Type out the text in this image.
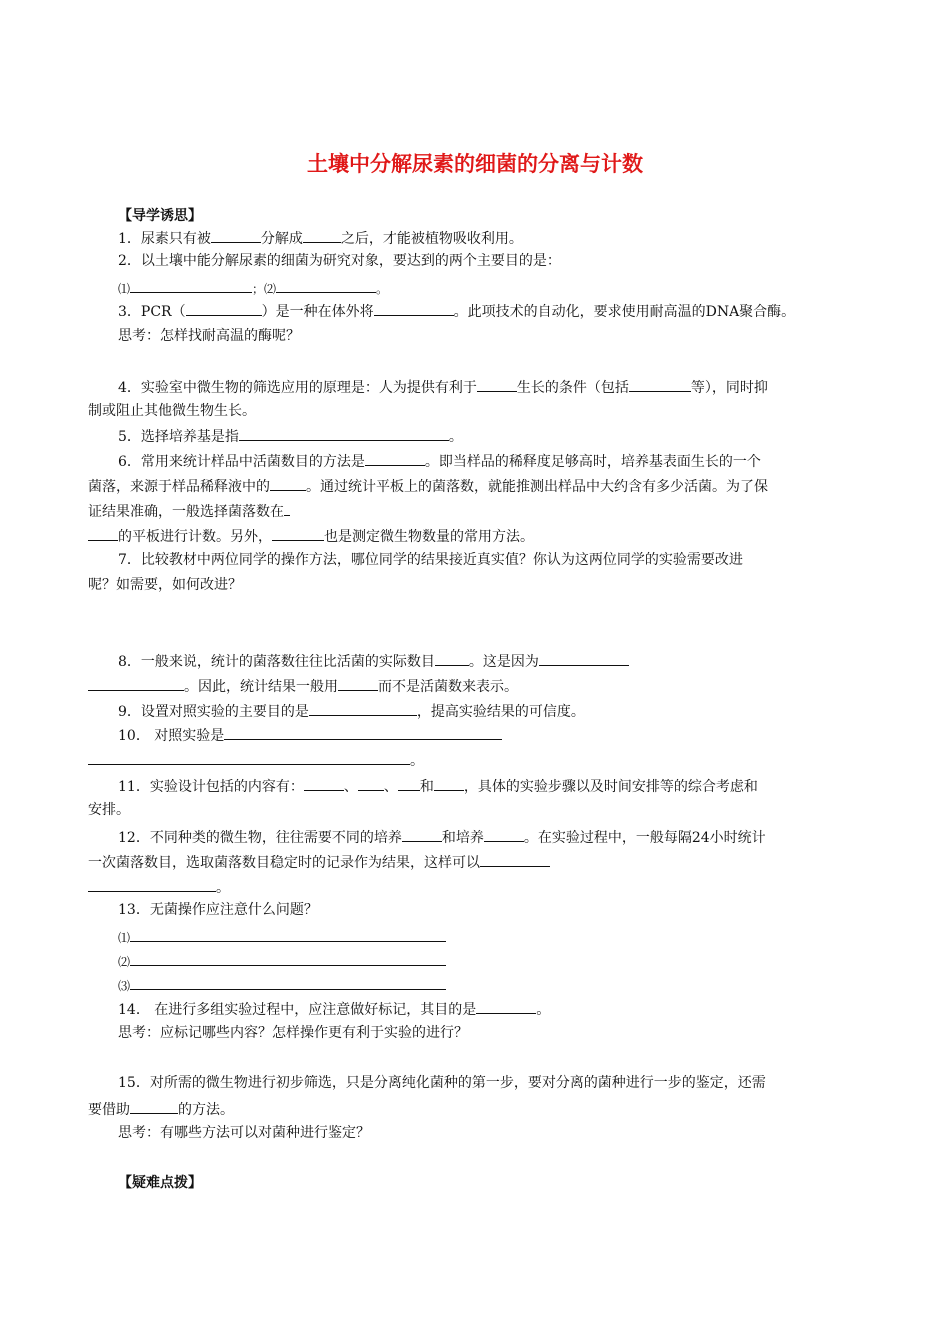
土壤中分解尿素的细菌的分离与计数
【导学诱思】
1．尿素只有被	分解成	之后，才能被植物吸收利用。
2．以土壤中能分解尿素的细菌为研究对象，要达到的两个主要目的是：
⑴	；⑵	。
3．PCR（	）是一种在体外将	。此项技术的自动化，要求使用耐高温的DNA聚合酶。
思考：怎样找耐高温的酶呢？
4．实验室中微生物的筛选应用的原理是：人为提供有利于	生长的条件（包括	等），同时抑
制或阻止其他微生物生长。
5．选择培养基是指	。
6．常用来统计样品中活菌数目的方法是	。即当样品的稀释度足够高时，培养基表面生长的一个
菌落，来源于样品稀释液中的	。通过统计平板上的菌落数，就能推测出样品中大约含有多少活菌。为了保
证结果准确，一般选择菌落数在
的平板进行计数。另外，	也是测定微生物数量的常用方法。
7．比较教材中两位同学的操作方法，哪位同学的结果接近真实值？你认为这两位同学的实验需要改进
呢？如需要，如何改进？
8．一般来说，统计的菌落数往往比活菌的实际数目 。这是因为
。因此，统计结果一般用	而不是活菌数来表示。
9．设置对照实验的主要目的是	，提高实验结果的可信度。
10． 对照实验是
。
11．实验设计包括的内容有：	、 、 和 ，具体的实验步骤以及时间安排等的综合考虑和
安排。
12．不同种类的微生物，往往需要不同的培养	和培养	。在实验过程中，一般每隔24小时统计
一次菌落数目，选取菌落数目稳定时的记录作为结果，这样可以
。
13．无菌操作应注意什么问题？
⑴
⑵
⑶
14． 在进行多组实验过程中，应注意做好标记，其目的是	。
思考：应标记哪些内容？怎样操作更有利于实验的进行？
15．对所需的微生物进行初步筛选，只是分离纯化菌种的第一步，要对分离的菌种进行一步的鉴定，还需
要借助	的方法。
思考：有哪些方法可以对菌种进行鉴定？
【疑难点拨】
